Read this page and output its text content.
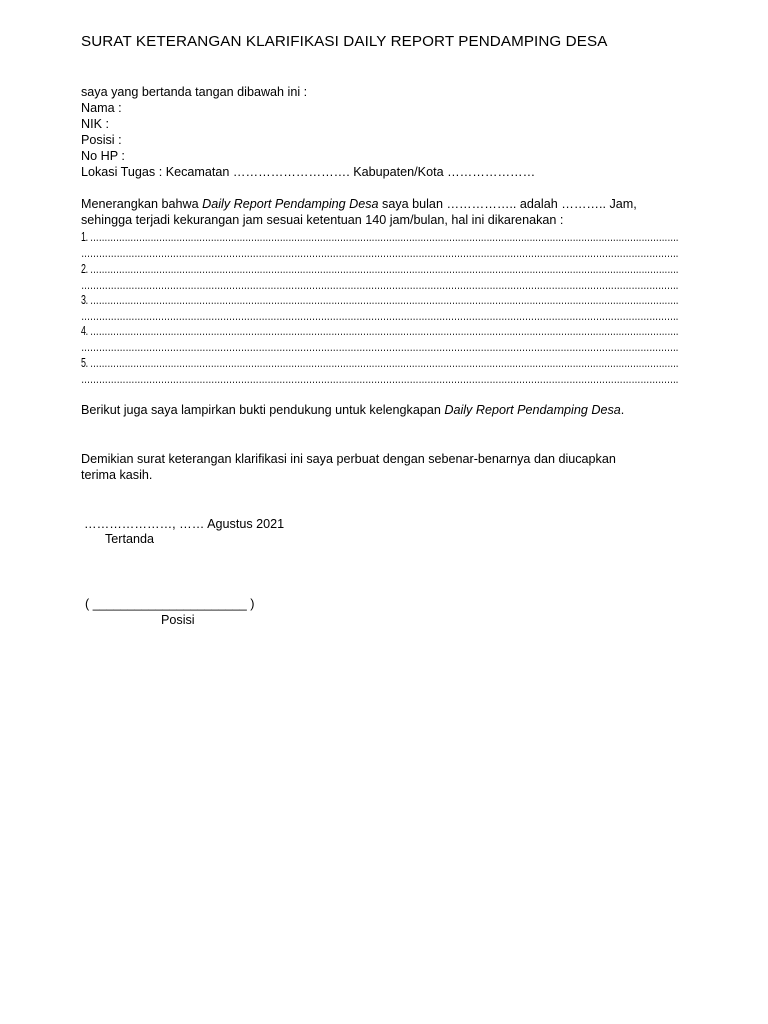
SURAT KETERANGAN KLARIFIKASI DAILY REPORT PENDAMPING DESA
saya yang bertanda tangan dibawah ini :
Nama :
NIK :
Posisi :
No HP :
Lokasi Tugas : Kecamatan ………………………. Kabupaten/Kota …………………
Menerangkan bahwa Daily Report Pendamping Desa saya bulan …………….. adalah ……….. Jam,
sehingga terjadi kekurangan jam sesuai ketentuan 140 jam/bulan, hal ini dikarenakan :
1. …………………………………………………………………………………………………………………………………………………………………………………….
………………………………………………………………………………………………………………………………………………………………………………….
2. …………………………………………………………………………………………………………………………………………………………………………………….
………………………………………………………………………………………………………………………………………………………………………………….
3. …………………………………………………………………………………………………………………………………………………………………………………….
………………………………………………………………………………………………………………………………………………………………………………….
4. …………………………………………………………………………………………………………………………………………………………………………………….
………………………………………………………………………………………………………………………………………………………………………………….
5. …………………………………………………………………………………………………………………………………………………………………………………….
………………………………………………………………………………………………………………………………………………………………………………….
Berikut juga saya lampirkan bukti pendukung untuk kelengkapan Daily Report Pendamping Desa.
Demikian surat keterangan klarifikasi ini saya perbuat dengan sebenar-benarnya dan diucapkan
terima kasih.
…………………, …… Agustus 2021
Tertanda
( ______________________ )
Posisi
